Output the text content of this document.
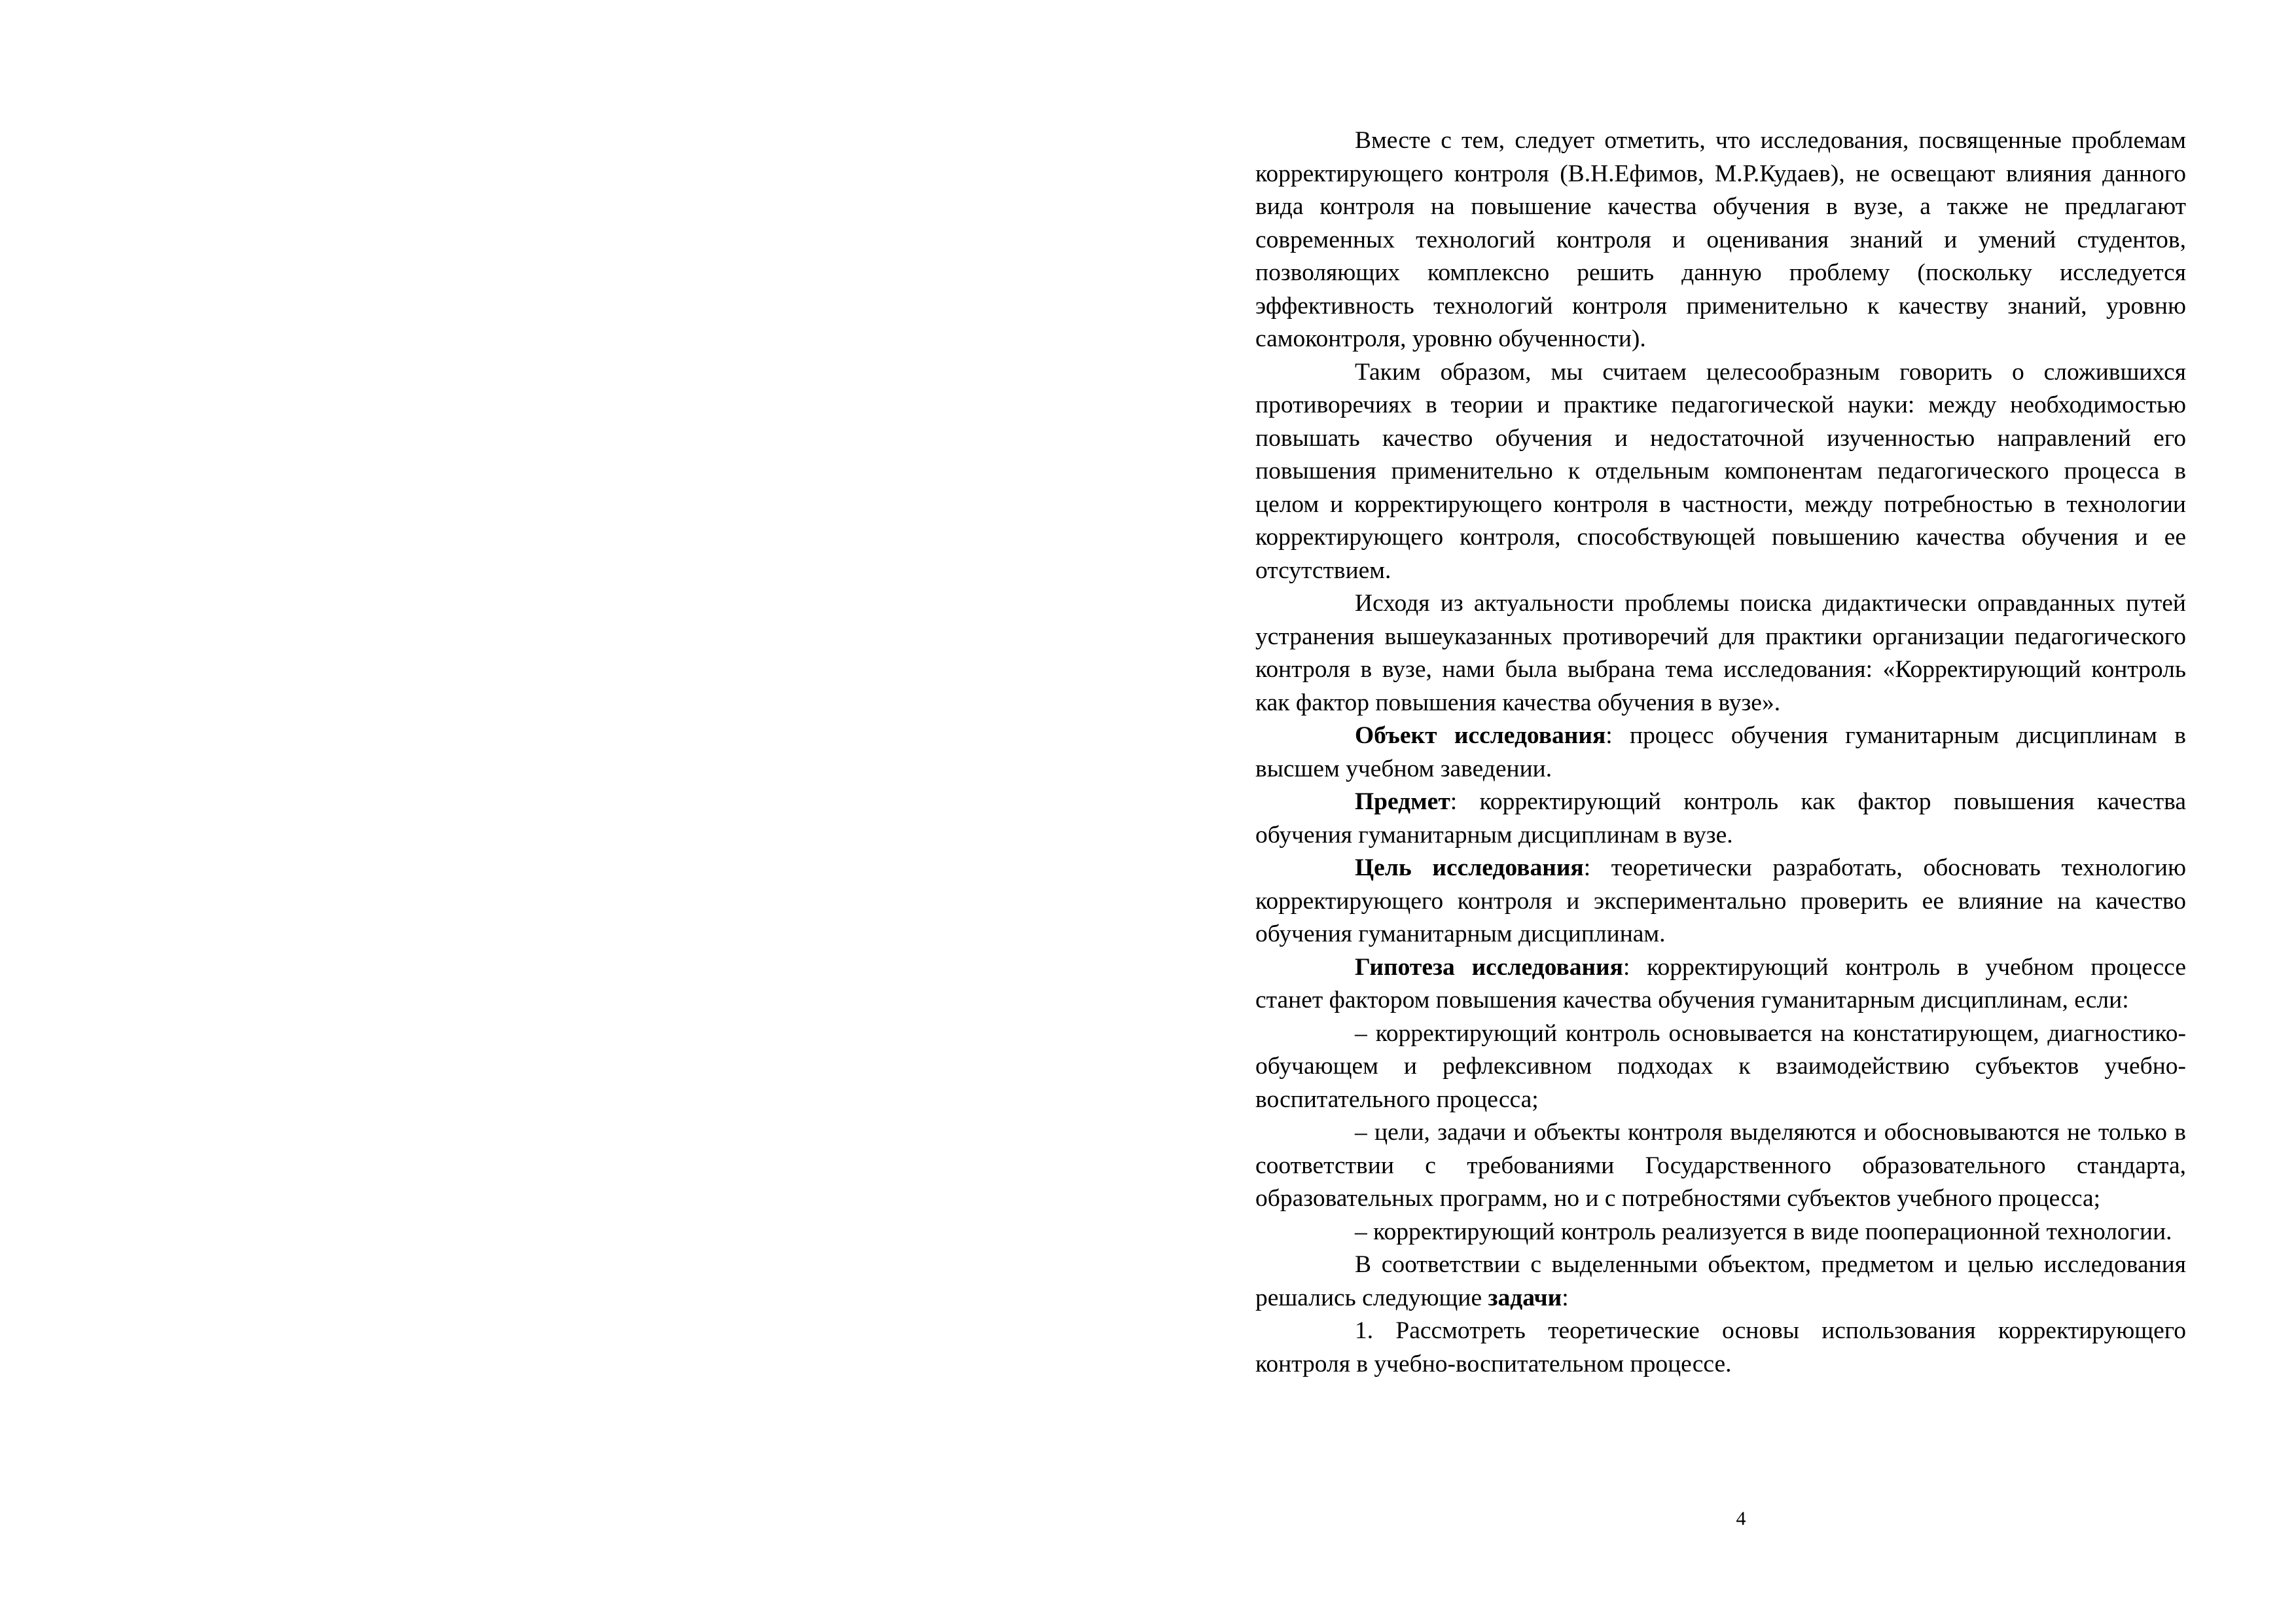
Вместе с тем, следует отметить, что исследования, посвященные проблемам корректирующего контроля (В.Н.Ефимов, М.Р.Кудаев), не освещают влияния данного вида контроля на повышение качества обучения в вузе, а также не предлагают современных технологий контроля и оценивания знаний и умений студентов, позволяющих комплексно решить данную проблему (поскольку исследуется эффективность технологий контроля применительно к качеству знаний, уровню самоконтроля, уровню обученности).

Таким образом, мы считаем целесообразным говорить о сложившихся противоречиях в теории и практике педагогической науки: между необходимостью повышать качество обучения и недостаточной изученностью направлений его повышения применительно к отдельным компонентам педагогического процесса в целом и корректирующего контроля в частности, между потребностью в технологии корректирующего контроля, способствующей повышению качества обучения и ее отсутствием.

Исходя из актуальности проблемы поиска дидактически оправданных путей устранения вышеуказанных противоречий для практики организации педагогического контроля в вузе, нами была выбрана тема исследования: «Корректирующий контроль как фактор повышения качества обучения в вузе».

Объект исследования: процесс обучения гуманитарным дисциплинам в высшем учебном заведении.

Предмет: корректирующий контроль как фактор повышения качества обучения гуманитарным дисциплинам в вузе.

Цель исследования: теоретически разработать, обосновать технологию корректирующего контроля и экспериментально проверить ее влияние на качество обучения гуманитарным дисциплинам.

Гипотеза исследования: корректирующий контроль в учебном процессе станет фактором повышения качества обучения гуманитарным дисциплинам, если:

– корректирующий контроль основывается на констатирующем, диагностико-обучающем и рефлексивном подходах к взаимодействию субъектов учебно-воспитательного процесса;

– цели, задачи и объекты контроля выделяются и обосновываются не только в соответствии с требованиями Государственного образовательного стандарта, образовательных программ, но и с потребностями субъектов учебного процесса;

– корректирующий контроль реализуется в виде пооперационной технологии.

В соответствии с выделенными объектом, предметом и целью исследования решались следующие задачи:

1. Рассмотреть теоретические основы использования корректирующего контроля в учебно-воспитательном процессе.

4
